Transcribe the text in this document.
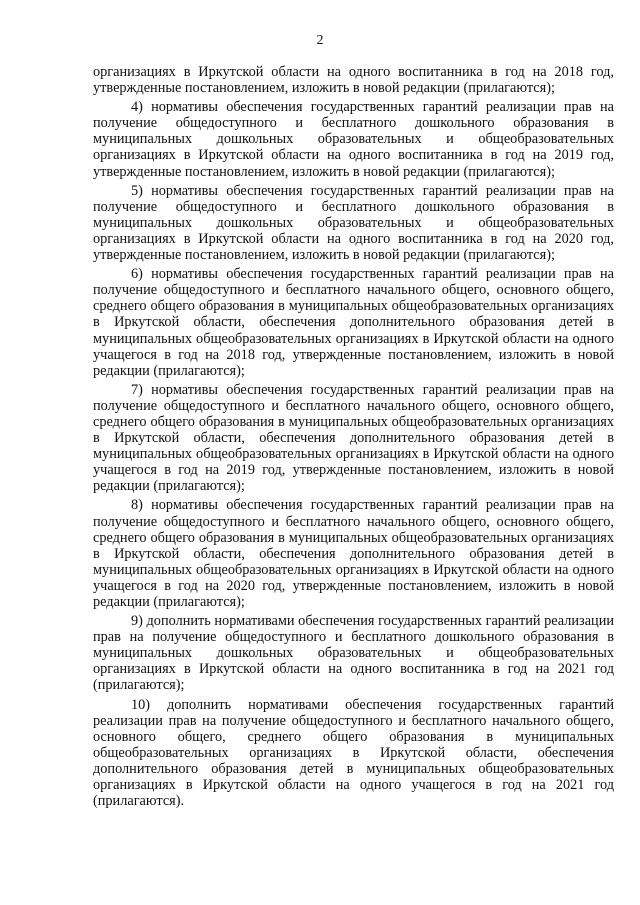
2

организациях в Иркутской области на одного воспитанника в год на 2018 год, утвержденные постановлением, изложить в новой редакции (прилагаются);

4) нормативы обеспечения государственных гарантий реализации прав на получение общедоступного и бесплатного дошкольного образования в муниципальных дошкольных образовательных и общеобразовательных организациях в Иркутской области на одного воспитанника в год на 2019 год, утвержденные постановлением, изложить в новой редакции (прилагаются);

5) нормативы обеспечения государственных гарантий реализации прав на получение общедоступного и бесплатного дошкольного образования в муниципальных дошкольных образовательных и общеобразовательных организациях в Иркутской области на одного воспитанника в год на 2020 год, утвержденные постановлением, изложить в новой редакции (прилагаются);

6) нормативы обеспечения государственных гарантий реализации прав на получение общедоступного и бесплатного начального общего, основного общего, среднего общего образования в муниципальных общеобразовательных организациях в Иркутской области, обеспечения дополнительного образования детей в муниципальных общеобразовательных организациях в Иркутской области на одного учащегося в год на 2018 год, утвержденные постановлением, изложить в новой редакции (прилагаются);

7) нормативы обеспечения государственных гарантий реализации прав на получение общедоступного и бесплатного начального общего, основного общего, среднего общего образования в муниципальных общеобразовательных организациях в Иркутской области, обеспечения дополнительного образования детей в муниципальных общеобразовательных организациях в Иркутской области на одного учащегося в год на 2019 год, утвержденные постановлением, изложить в новой редакции (прилагаются);

8) нормативы обеспечения государственных гарантий реализации прав на получение общедоступного и бесплатного начального общего, основного общего, среднего общего образования в муниципальных общеобразовательных организациях в Иркутской области, обеспечения дополнительного образования детей в муниципальных общеобразовательных организациях в Иркутской области на одного учащегося в год на 2020 год, утвержденные постановлением, изложить в новой редакции (прилагаются);

9) дополнить нормативами обеспечения государственных гарантий реализации прав на получение общедоступного и бесплатного дошкольного образования в муниципальных дошкольных образовательных и общеобразовательных организациях в Иркутской области на одного воспитанника в год на 2021 год (прилагаются);

10) дополнить нормативами обеспечения государственных гарантий реализации прав на получение общедоступного и бесплатного начального общего, основного общего, среднего общего образования в муниципальных общеобразовательных организациях в Иркутской области, обеспечения дополнительного образования детей в муниципальных общеобразовательных организациях в Иркутской области на одного учащегося в год на 2021 год (прилагаются).
